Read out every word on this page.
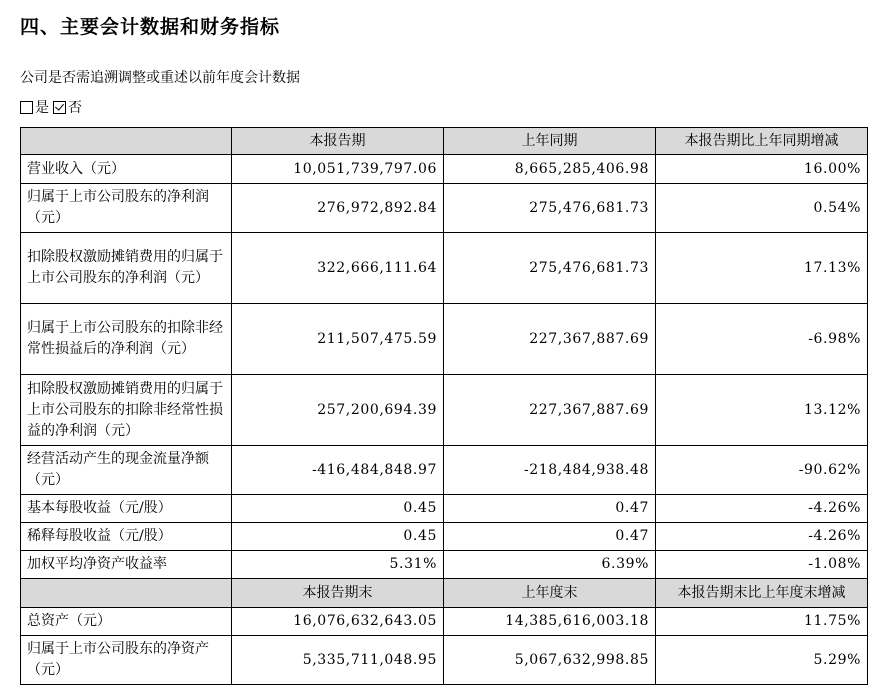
四、主要会计数据和财务指标
公司是否需追溯调整或重述以前年度会计数据
是 否
	本报告期	上年同期	本报告期比上年同期增减
营业收入（元）	10,051,739,797.06	8,665,285,406.98	16.00%
归属于上市公司股东的净利润（元）	276,972,892.84	275,476,681.73	0.54%
扣除股权激励摊销费用的归属于上市公司股东的净利润（元）	322,666,111.64	275,476,681.73	17.13%
归属于上市公司股东的扣除非经常性损益后的净利润（元）	211,507,475.59	227,367,887.69	-6.98%
扣除股权激励摊销费用的归属于上市公司股东的扣除非经常性损益的净利润（元）	257,200,694.39	227,367,887.69	13.12%
经营活动产生的现金流量净额（元）	-416,484,848.97	-218,484,938.48	-90.62%
基本每股收益（元/股）	0.45	0.47	-4.26%
稀释每股收益（元/股）	0.45	0.47	-4.26%
加权平均净资产收益率	5.31%	6.39%	-1.08%
	本报告期末	上年度末	本报告期末比上年度末增减
总资产（元）	16,076,632,643.05	14,385,616,003.18	11.75%
归属于上市公司股东的净资产（元）	5,335,711,048.95	5,067,632,998.85	5.29%
